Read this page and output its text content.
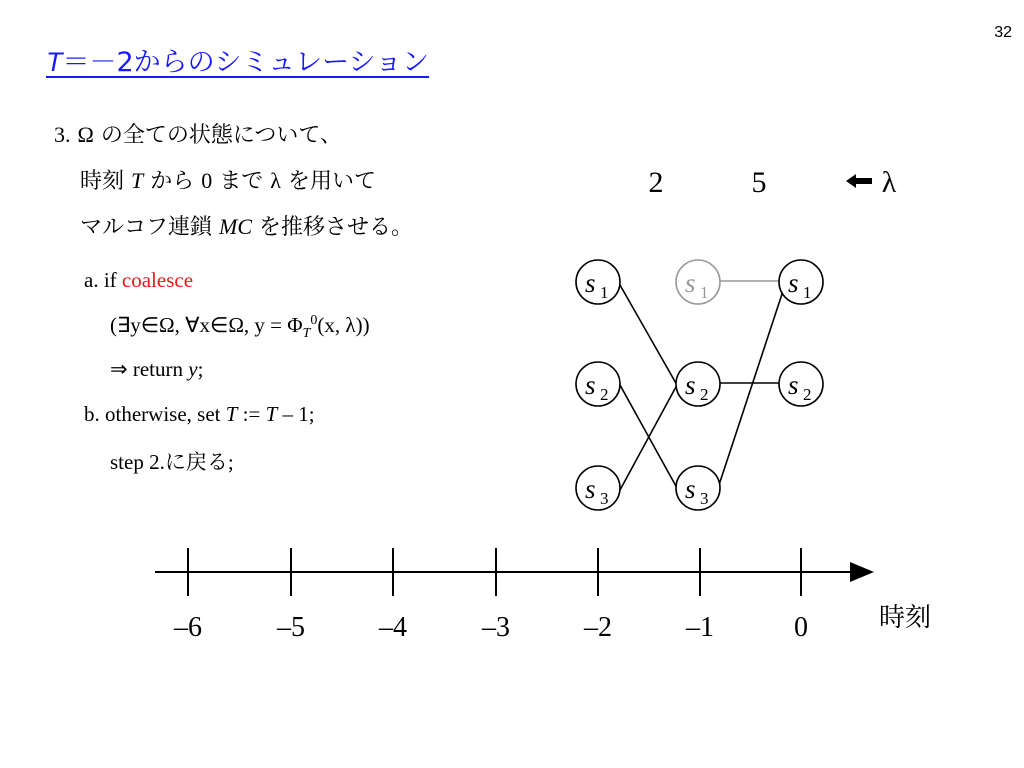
32
T＝－2からのシミュレーション
3. Ω の全ての状態について、
時刻 T から 0 まで λ を用いて
マルコフ連鎖 MC を推移させる。
a. if coalesce
(∃y∈Ω, ∀x∈Ω, $y = \Phi_T^0(x$, λ))
⇒ return y;
b. otherwise, set T := T – 1;
step 2.に戻る;
2	5	λ
s 1
s 2
s 3
s 1
s 2
s 3
s 1
s 2
–6	–5	–4	–3	–2	–1	0	時刻
